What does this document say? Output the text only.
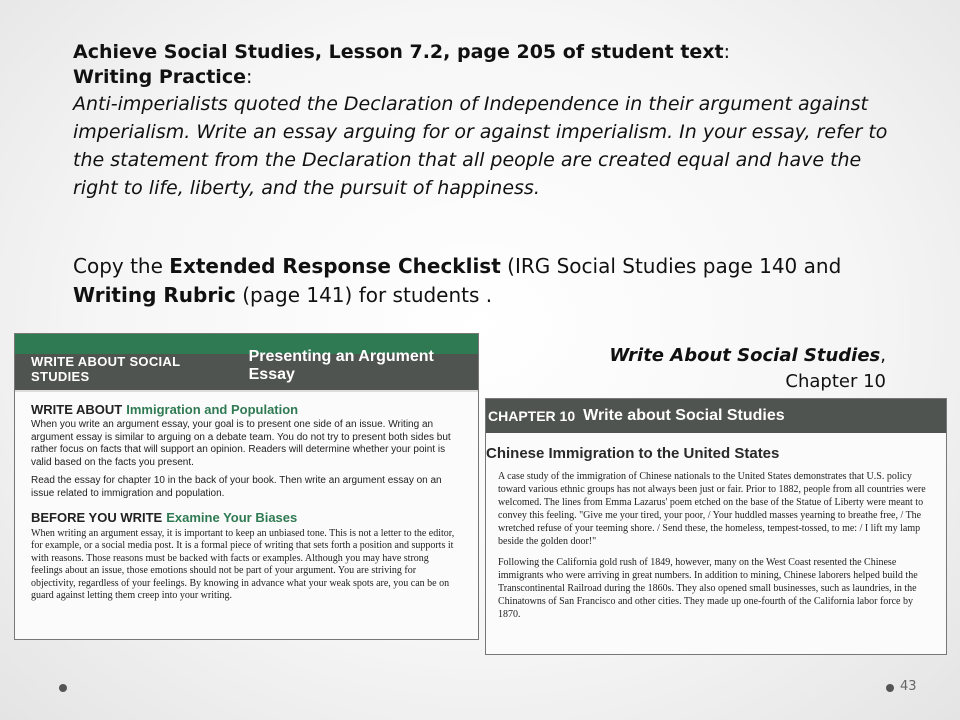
Achieve Social Studies, Lesson 7.2, page 205 of student text:
Writing Practice:
Anti-imperialists quoted the Declaration of Independence in their argument against imperialism. Write an essay arguing for or against imperialism. In your essay, refer to the statement from the Declaration that all people are created equal and have the right to life, liberty, and the pursuit of happiness.
Copy the Extended Response Checklist (IRG Social Studies page 140 and Writing Rubric (page 141) for students .
WRITE ABOUT SOCIAL STUDIES
Presenting an Argument Essay
WRITE ABOUT Immigration and Population
When you write an argument essay, your goal is to present one side of an issue. Writing an argument essay is similar to arguing on a debate team. You do not try to present both sides but rather focus on facts that will support an opinion. Readers will determine whether your point is valid based on the facts you present.
Read the essay for chapter 10 in the back of your book. Then write an argument essay on an issue related to immigration and population.
BEFORE YOU WRITE Examine Your Biases
When writing an argument essay, it is important to keep an unbiased tone. This is not a letter to the editor, for example, or a social media post. It is a formal piece of writing that sets forth a position and supports it with reasons. Those reasons must be backed with facts or examples. Although you may have strong feelings about an issue, those emotions should not be part of your argument. You are striving for objectivity, regardless of your feelings. By knowing in advance what your weak spots are, you can be on guard against letting them creep into your writing.
Write About Social Studies,
Chapter 10
CHAPTER 10 Write about Social Studies
Chinese Immigration to the United States

A case study of the immigration of Chinese nationals to the United States demonstrates that U.S. policy toward various ethnic groups has not always been just or fair. Prior to 1882, people from all countries were welcomed. The lines from Emma Lazarus' poem etched on the base of the Statue of Liberty were meant to convey this feeling. "Give me your tired, your poor, / Your huddled masses yearning to breathe free, / The wretched refuse of your teeming shore. / Send these, the homeless, tempest-tossed, to me: / I lift my lamp beside the golden door!"

Following the California gold rush of 1849, however, many on the West Coast resented the Chinese immigrants who were arriving in great numbers. In addition to mining, Chinese laborers helped build the Transcontinental Railroad during the 1860s. They also opened small businesses, such as laundries, in the Chinatowns of San Francisco and other cities. They made up one-fourth of the California labor force by 1870.

43
